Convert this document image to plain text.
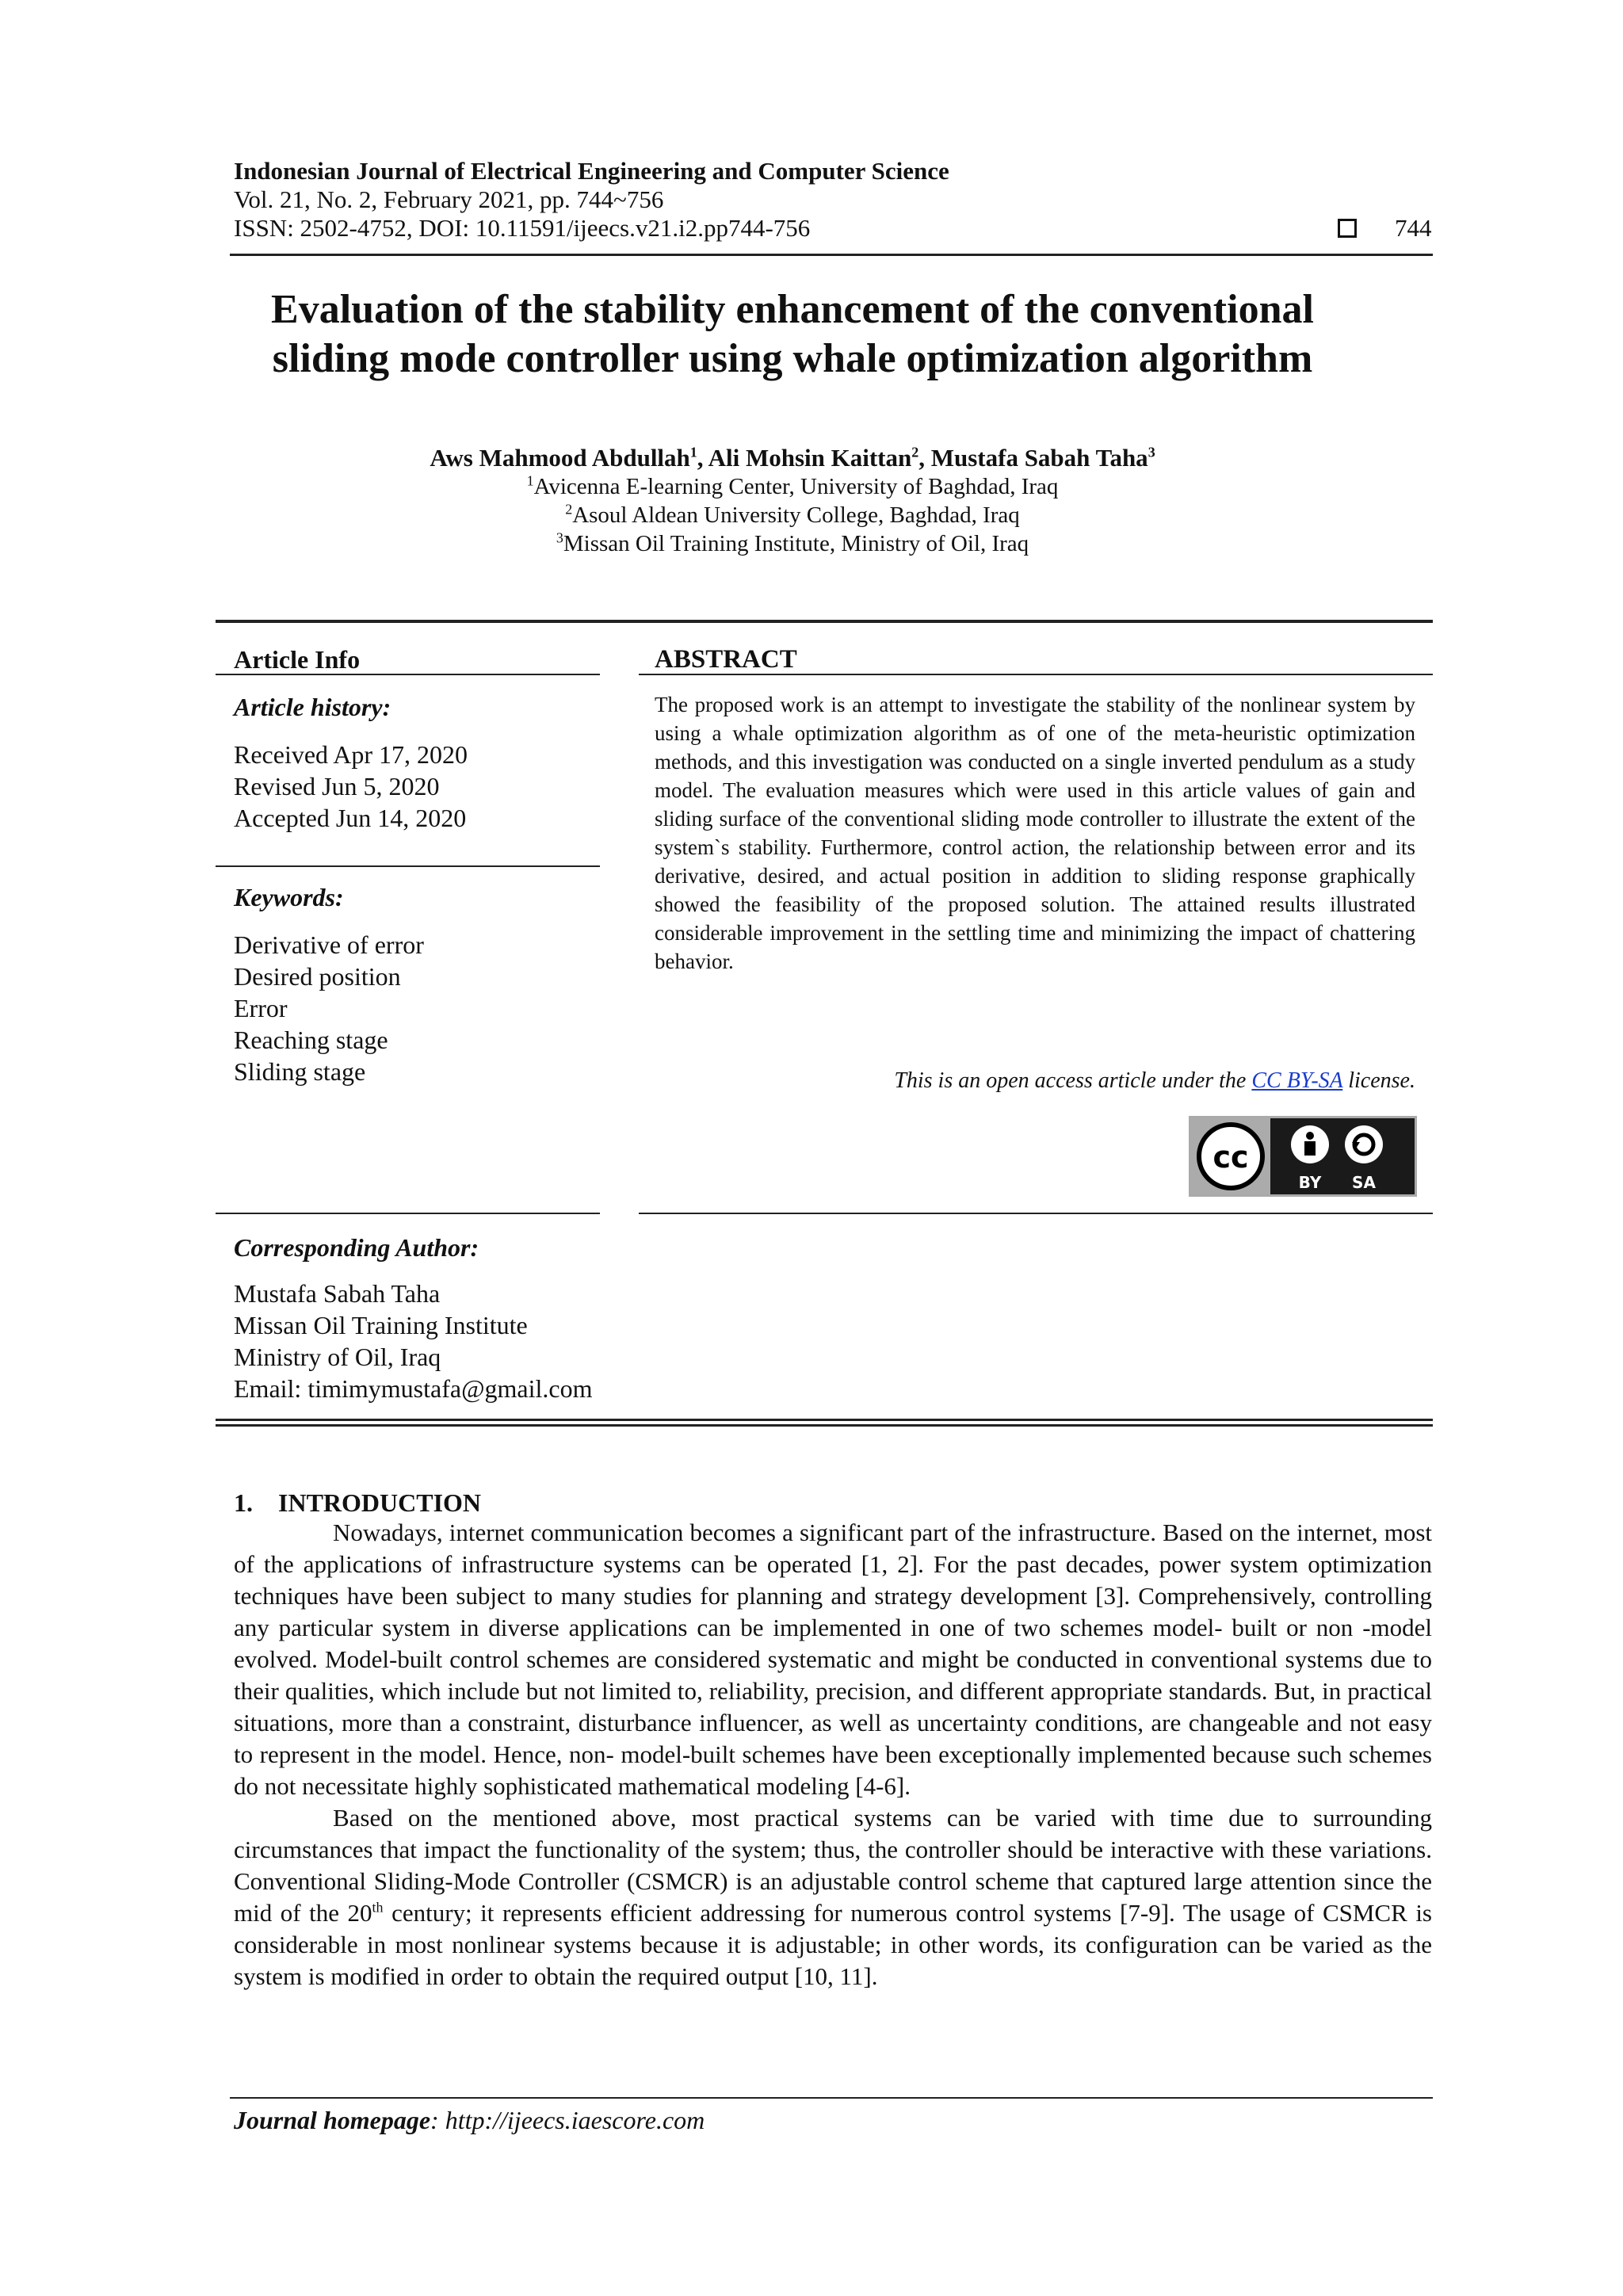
Indonesian Journal of Electrical Engineering and Computer Science
Vol. 21, No. 2, February 2021, pp. 744~756
ISSN: 2502-4752, DOI: 10.11591/ijeecs.v21.i2.pp744-756	744
Evaluation of the stability enhancement of the conventional
sliding mode controller using whale optimization algorithm
Aws Mahmood Abdullah$^1$, Ali Mohsin Kaittan$^2$, Mustafa Sabah Taha$^3$
$^1$Avicenna E-learning Center, University of Baghdad, Iraq
$^2$Asoul Aldean University College, Baghdad, Iraq
$^3$Missan Oil Training Institute, Ministry of Oil, Iraq
Article Info
Article history:
Received Apr 17, 2020
Revised Jun 5, 2020
Accepted Jun 14, 2020
Keywords:
Derivative of error
Desired position
Error
Reaching stage
Sliding stage
ABSTRACT
The proposed work is an attempt to investigate the stability of the nonlinear system by using a whale optimization algorithm as of one of the meta-heuristic optimization methods, and this investigation was conducted on a single inverted pendulum as a study model. The evaluation measures which were used in this article values of gain and sliding surface of the conventional sliding mode controller to illustrate the extent of the system`s stability. Furthermore, control action, the relationship between error and its derivative, desired, and actual position in addition to sliding response graphically showed the feasibility of the proposed solution. The attained results illustrated considerable improvement in the settling time and minimizing the impact of chattering behavior.
This is an open access article under the CC BY-SA license.
cc
BY SA
Corresponding Author:
Mustafa Sabah Taha
Missan Oil Training Institute
Ministry of Oil, Iraq
Email: timimymustafa@gmail.com
1.    INTRODUCTION

Nowadays, internet communication becomes a significant part of the infrastructure. Based on the internet, most of the applications of infrastructure systems can be operated [1, 2]. For the past decades, power system optimization techniques have been subject to many studies for planning and strategy development [3]. Comprehensively, controlling any particular system in diverse applications can be implemented in one of two schemes model- built or non -model evolved. Model-built control schemes are considered systematic and might be conducted in conventional systems due to their qualities, which include but not limited to, reliability, precision, and different appropriate standards. But, in practical situations, more than a constraint, disturbance influencer, as well as uncertainty conditions, are changeable and not easy to represent in the model. Hence, non- model-built schemes have been exceptionally implemented because such schemes do not necessitate highly sophisticated mathematical modeling [4-6].

Based on the mentioned above, most practical systems can be varied with time due to surrounding circumstances that impact the functionality of the system; thus, the controller should be interactive with these variations. Conventional Sliding-Mode Controller (CSMCR) is an adjustable control scheme that captured large attention since the mid of the 20th century; it represents efficient addressing for numerous control systems [7-9]. The usage of CSMCR is considerable in most nonlinear systems because it is adjustable; in other words, its configuration can be varied as the system is modified in order to obtain the required output [10, 11].

Journal homepage: http://ijeecs.iaescore.com
